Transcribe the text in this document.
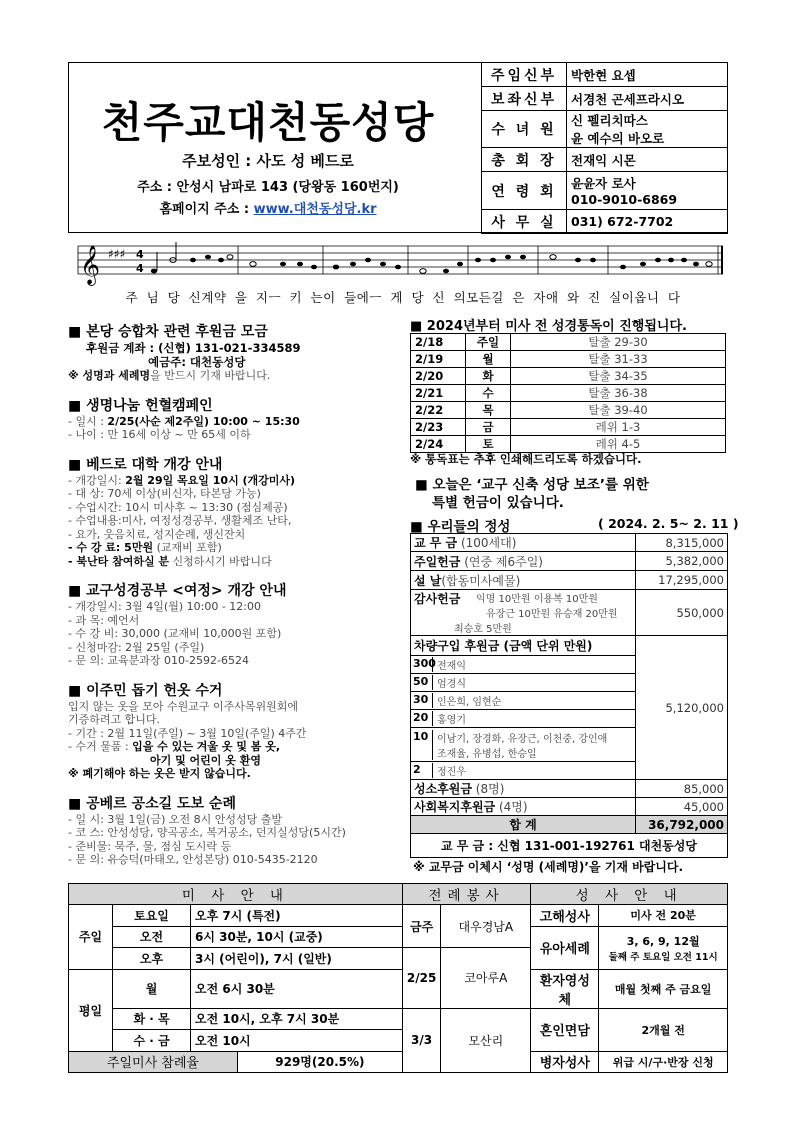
천주교대천동성당
주보성인 : 사도 성 베드로
주소 : 안성시 남파로 143 (당왕동 160번지)
홈페이지 주소 : www.대천동성당.kr
주임신부	박한현 요셉
보좌신부	서경천 곤세프라시오
수 녀 원	신 펠리치따스
윤 예수의 바오로

총 회 장	전재익 시몬
연 령 회	윤윤자 로사
010-9010-6869

사 무 실	031) 672-7702
𝄞 ♯♯♯ 4
4
주 님 당 신계약 을 지ㅡ 키 는이 들에ㅡ 게 당 신 의모든길 은 자애 와 진 실이옵니 다
■ 본당 승합차 관련 후원금 모금
후원금 계좌 : (신협) 131-021-334589
예금주: 대천동성당
※ 성명과 세례명을 반드시 기재 바랍니다.
■ 생명나눔 헌혈캠페인
- 일시 : 2/25(사순 제2주일) 10:00 ~ 15:30
- 나이 : 만 16세 이상 ~ 만 65세 이하
■ 베드로 대학 개강 안내
- 개강일시: 2월 29일 목요일 10시 (개강미사)
- 대 상: 70세 이상(비신자, 타본당 가능)
- 수업시간: 10시 미사후 ~ 13:30 (점심제공)
- 수업내용:미사, 여정성경공부, 생활체조 난타,
- 요가, 웃음치료, 성지순례, 생신잔치
- 수 강 료: 5만원 (교재비 포함)
- 북난타 참여하실 분 신청하시기 바랍니다
■ 교구성경공부 <여정> 개강 안내
- 개강일시: 3월 4일(월) 10:00 - 12:00
- 과 목: 예언서
- 수 강 비: 30,000 (교재비 10,000원 포함)
- 신청마감: 2월 25일 (주일)
- 문 의: 교육분과장 010-2592-6524
■ 이주민 돕기 헌옷 수거
입지 않는 옷을 모아 수원교구 이주사목위원회에
기증하려고 합니다.
- 기간 : 2월 11일(주일) ~ 3월 10일(주일) 4주간
- 수거 물품 : 입을 수 있는 겨울 옷 및 봄 옷,
아기 및 어린이 옷 환영
※ 폐기해야 하는 옷은 받지 않습니다.
■ 공베르 공소길 도보 순례
- 일 시: 3월 1일(금) 오전 8시 안성성당 출발
- 코 스: 안성성당, 양곡공소, 복거공소, 던지실성당(5시간)
- 준비물: 묵주, 물, 점심 도시락 등
- 문 의: 유승덕(마태오, 안성본당) 010-5435-2120
■ 2024년부터 미사 전 성경통독이 진행됩니다.
2/18	주일	탈출 29-30
2/19	월	탈출 31-33
2/20	화	탈출 34-35
2/21	수	탈출 36-38
2/22	목	탈출 39-40
2/23	금	레위 1-3
2/24	토	레위 4-5
※ 통독표는 추후 인쇄해드리도록 하겠습니다.
■ 오늘은 ‘교구 신축 성당 보조’를 위한
특별 헌금이 있습니다.
■ 우리들의 정성	( 2024. 2. 5~ 2. 11 )
교 무 금 (100세대)	8,315,000
주일헌금 (연중 제6주일)	5,382,000
설 날(합동미사예물)	17,295,000

감사헌금 익명 10만원 이용복 10만원
유장근 10만원 유승재 20만원
최승호 5만원	550,000
차량구입 후원금 (금액 단위 만원)	5,120,000

300 전재익	

50 엄경식	

30 인은희, 임현순	

20 홍영기	

10 이남기, 장경화, 유장근, 이천중, 강인애
조재율, 유병섭, 한승일	

2 정진우	

성소후원금 (8명)	85,000
사회복지후원금 (4명)	45,000
합 계	36,792,000
교 무 금 : 신협 131-001-192761 대천동성당	
※ 교무금 이체시 ‘성명 (세례명)’을 기재 바랍니다.
미 사 안 내				전례봉사		성 사 안 내	
주일	토요일	오후 7시 (특전)		금주	대우경남A	고해성사	미사 전 20분
	오전	6시 30분, 10시 (교중)				유아세례	3, 6, 9, 12월
둘째 주 토요일 오전 11시

	오후	3시 (어린이), 7시 (일반)		2/25	코아루A		
평일	월	오전 6시 30분				환자영성체	매월 첫째 주 금요일
	화 · 목	오전 10시, 오후 7시 30분		3/3	모산리	혼인면담	2개월 전
	수 · 금	오전 10시					
주일미사 참례율			929명(20.5%)			병자성사	위급 시/구·반장 신청
